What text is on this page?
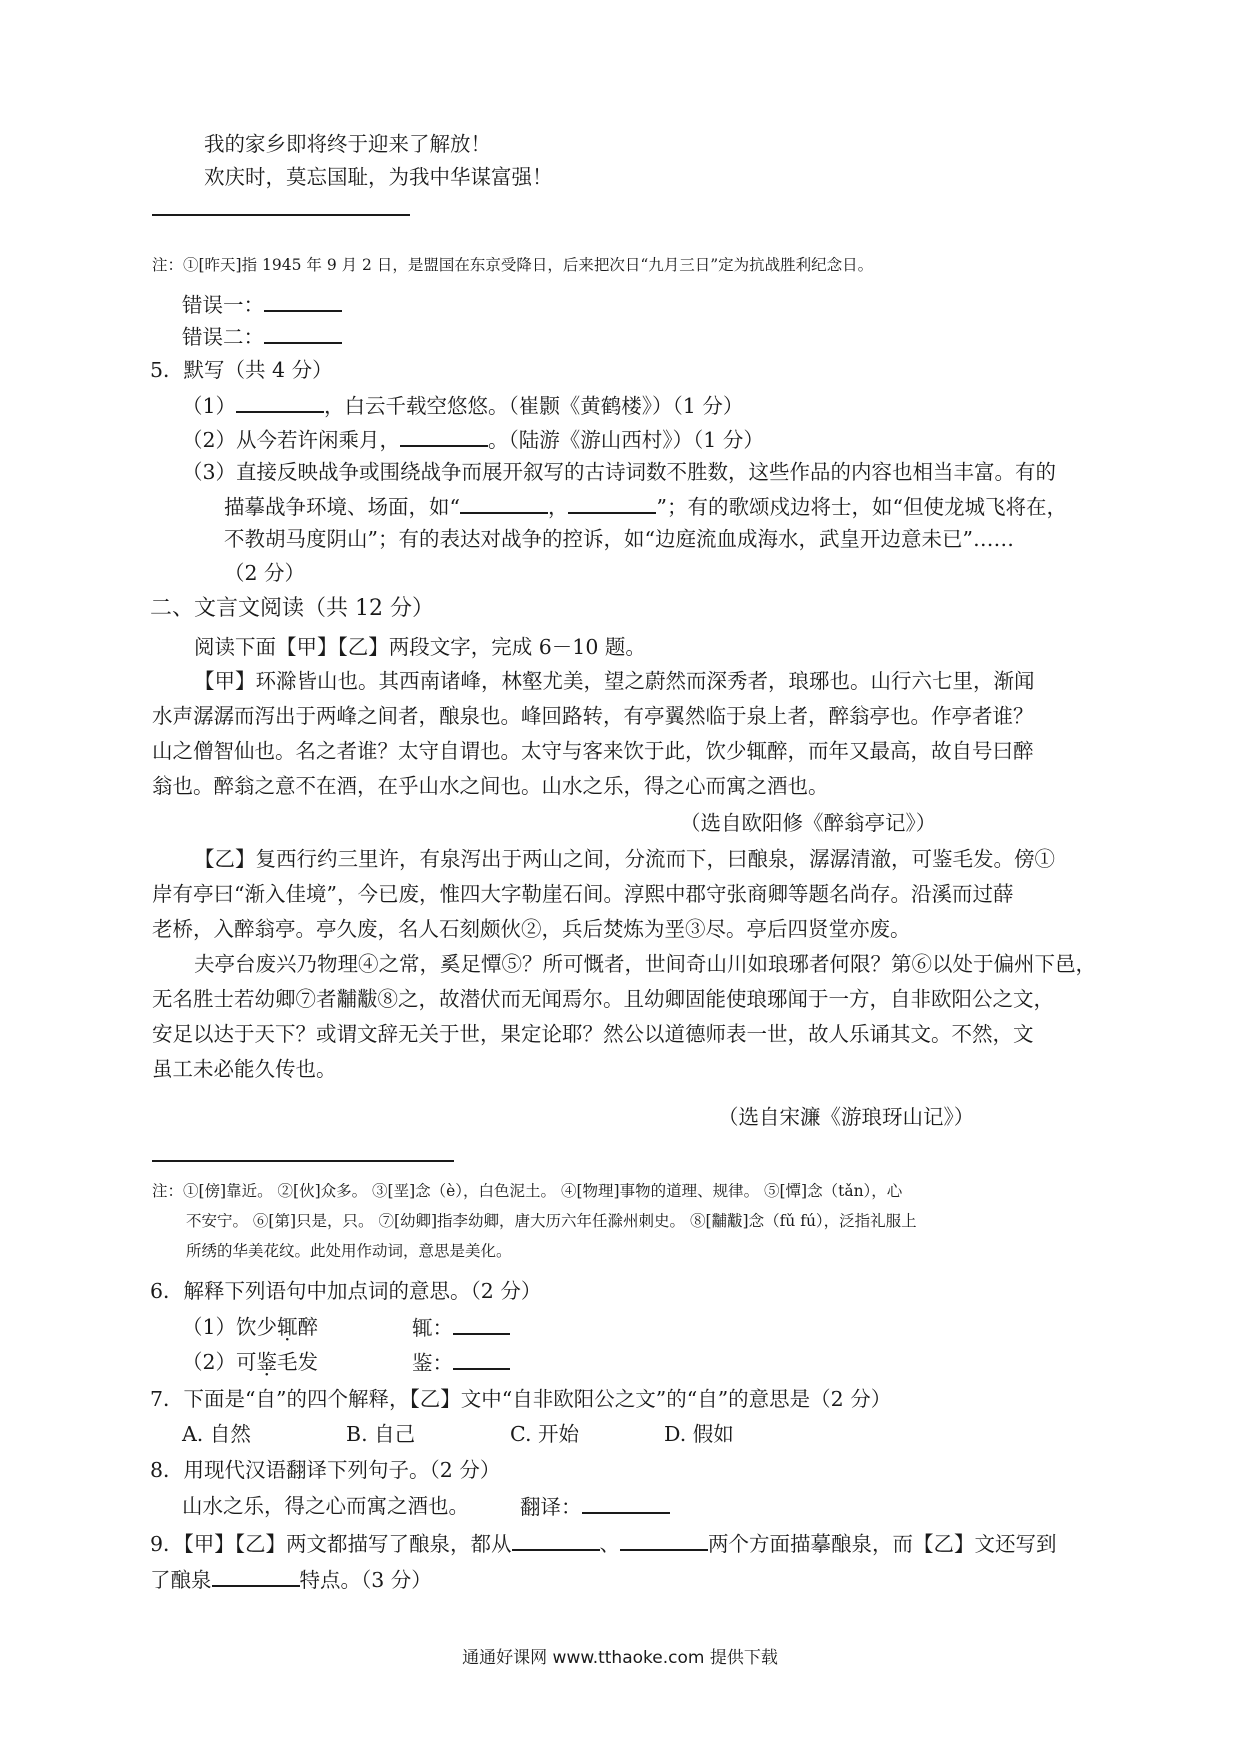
我的家乡即将终于迎来了解放！
欢庆时，莫忘国耻，为我中华谋富强！
注：①[昨天]指 1945 年 9 月 2 日，是盟国在东京受降日，后来把次日“九月三日”定为抗战胜利纪念日。
错误一：
错误二：
5．默写（共 4 分）
（1）	，白云千载空悠悠。（崔颢《黄鹤楼》）（1 分）
（2）从今若许闲乘月，	。（陆游《游山西村》）（1 分）
（3）直接反映战争或围绕战争而展开叙写的古诗词数不胜数，这些作品的内容也相当丰富。有的
描摹战争环境、场面，如“	，	”；有的歌颂戍边将士，如“但使龙城飞将在，
不教胡马度阴山”；有的表达对战争的控诉，如“边庭流血成海水，武皇开边意未已”……
（2 分）
二、文言文阅读（共 12 分）
阅读下面【甲】【乙】两段文字，完成 6－10 题。
【甲】环滁皆山也。其西南诸峰，林壑尤美，望之蔚然而深秀者，琅琊也。山行六七里，渐闻
水声潺潺而泻出于两峰之间者，酿泉也。峰回路转，有亭翼然临于泉上者，醉翁亭也。作亭者谁？
山之僧智仙也。名之者谁？太守自谓也。太守与客来饮于此，饮少辄醉，而年又最高，故自号曰醉
翁也。醉翁之意不在酒，在乎山水之间也。山水之乐，得之心而寓之酒也。
（选自欧阳修《醉翁亭记》）
【乙】复西行约三里许，有泉泻出于两山之间，分流而下，曰酿泉，潺潺清澈，可鉴毛发。傍①
岸有亭曰“渐入佳境”，今已废，惟四大字勒崖石间。淳熙中郡守张商卿等题名尚存。沿溪而过薛
老桥，入醉翁亭。亭久废，名人石刻颇伙②，兵后焚炼为垩③尽。亭后四贤堂亦废。
夫亭台废兴乃物理④之常，奚足憛⑤？所可慨者，世间奇山川如琅琊者何限？第⑥以处于偏州下邑，
无名胜士若幼卿⑦者黼黻⑧之，故潜伏而无闻焉尔。且幼卿固能使琅琊闻于一方，自非欧阳公之文，
安足以达于天下？或谓文辞无关于世，果定论耶？然公以道德师表一世，故人乐诵其文。不然，文
虽工未必能久传也。
（选自宋濂《游琅玡山记》）
注：①[傍]靠近。 ②[伙]众多。 ③[垩]念（è），白色泥土。 ④[物理]事物的道理、规律。 ⑤[憛]念（tǎn），心
不安宁。 ⑥[第]只是，只。 ⑦[幼卿]指李幼卿，唐大历六年任滁州刺史。 ⑧[黼黻]念（fǔ fú），泛指礼服上
所绣的华美花纹。此处用作动词，意思是美化。
6．解释下列语句中加点词的意思。（2 分）
（1）饮少辄醉	辄：
（2）可鉴毛发	鉴：
7．下面是“自”的四个解释，【乙】文中“自非欧阳公之文”的“自”的意思是（2 分）
A. 自然	B. 自己	C. 开始	D. 假如
8．用现代汉语翻译下列句子。（2 分）
山水之乐，得之心而寓之酒也。 翻译：
9．【甲】【乙】两文都描写了酿泉，都从	、	两个方面描摹酿泉，而【乙】文还写到
了酿泉	特点。（3 分）
通通好课网 www.tthaoke.com 提供下载
